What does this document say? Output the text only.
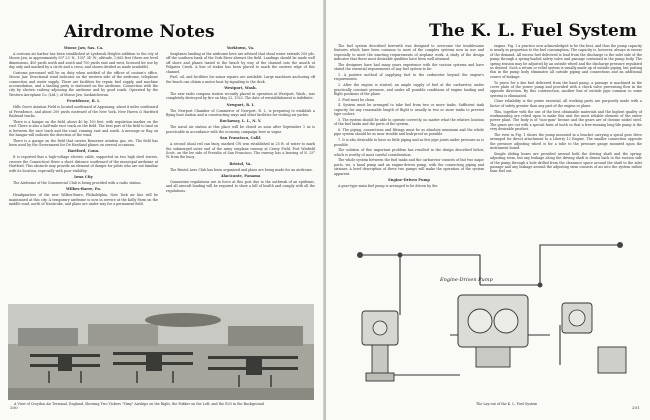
Airdrome Notes
Moose Jaw, Sas. Ca.

A customs air harbor has been established at Lynbrook Heights addition to the city of Moose Jaw, in approximately 50° 23' N., 105° 34' W.; altitude, 1,865 feet (there are level dimensions, 400 yards north and south and 700 yards east and west, licensed for use by day only and marked by a circle and a cross, and shown divided as made available).

Customs personnel will be on duty when notified of the officer of custom's office, Moose Jaw. Directional wind indicator on the western side of the airdrome, telephone connection and water supply. There are facilities for repair, fuel supply, and machine accomodation, and a landing party is stationed on the airdrome. Connection with the city by electric railway adjoining the airdrome and by good roads. Operated by the Western Aeroplane Co. (Ltd.), of Moose Jaw, Saskatchewan.

Providence, R. I.

Hills Grove Aviation Field is located northward of Apponaug, about 8 miles southward of Providence, and about 200 yards eastward of the New York, New Haven & Hartford Railroad tracks.

There is a hangar on the field, about 40 by 150 feet, with regulation marker on the roof. There is also a half-mile race track on the field. The best part of the field to land on is between the race track and the road, running east and south. A message or flag on the hangar will indicate the direction of the wind.

There is a garage on the field that carries Benzener aviation gas, etc. The field has been used by the Government for De Haviland planes on several occasions.

Hartford, Conn.

It is reported that a high-voltage electric cable, supported on two high steel towers, crosses the Connecticut River a short distance southward of the municipal airdrome at Hartford. This obstacle may provide an element of danger for pilots who are not familiar with its location, especially with poor visibility.

Iowa City

The Airdrome of the Commercial Club is being provided with a radio station.

Wilkes-Barre, Pa.

Headquarters of the new Wilkes-Barre, Philadelphia, New York air line will be maintained at this city. A temporary airdrome is now in service at the Kelly Farm on the middle road, north of Nanticoke, and plans are under way for a permanent field.

Yorktown, Va.

Seaplanes landing at the airdrome here are advised that shoal water extends 200 yds. off the southern bank of the York River abreast the field. Landings should be made well off shore and planes taxied to the beach by way of the channel into the mouth of Felgates Creek. A line of stakes has been placed to mark the eastern edge of this channel.

Fuel, oil, and facilities for minor repairs are available. Large machines anchoring off the beach can obtain a motor boat by signaling to the dock.

Westport, Wash.

The new radio compass station recently placed in operation at Westport, Wash., was completely destroyed by fire on May 22, 1922. The date of reestablishment is indefinite.

Newport, R. I.

The Newport Chamber of Commerce of Newport, R. I., is preparing to establish a flying boat station and is constructing ways and other facilities for visiting air yachts.

Rockaway, L. I., N. Y.

The naval air station at this place will be closed as soon after September 1 as is practicable in accordance with the economy campaign here in vogue.

San Francisco, Calif.

A second shoal red can buoy, marked CW was established in 25 ft. of water to mark the submerged outer end of the army seaplane runway at Crissy Field, Fort Winfield Scott, on the lee side of Presidio of San Francisco. The runway has a bearing of N. 25° W. from the buoy.

Bristol, Va.

The Bristol Aero Club has been organized and plans are being made for an airdrome.

Alacicante, Panama

Quarantine regulations are in force at this port due to the outbreak of an epidemic, and all aircraft landing will be required to show a bill of health and comply with all the regulations.

A View of Croydon Air Terminal, England, Showing Two Vickers "Vimy" Airships on the Right, the Fokker on the Left, and the R33 in the Background
200
The K. L. Fuel System

The fuel system described herewith was designed to overcome the troublesome features which have been common to most of the complex systems now in use and especially to meet the exacting requirements of airplane work. A study of the design indicates that these most desirable qualities have been well attained.

The designers have had many years experience with the various systems and have stated the essential requirements of any fuel system to be:

1. A positive method of supplying fuel to the carburetor beyond the engine's requirements.

2. After the engine is started, an ample supply of fuel at the carburetor, under practically constant pressure, and under all possible conditions of engine loading and flight positions of the plane.

3. Fuel must be clean.

4. System must be arranged to take fuel from two or more tanks. Sufficient tank capacity for any reasonable length of flight is usually in two or more tanks to prevent type coolers.

5. The system should be able to operate correctly, no matter what the relative location of the fuel tanks and the parts of the system.

6. The piping, connections and fittings must be as absolute minimum and the whole pipe system should be as near trouble and leak-proof as possible.

7. It is also desirable to have as little piping and as few pipe joints under pressure as is possible.

The solution of this important problem has resulted in the design described below, which is worthy of most careful consideration.

The whole system between the fuel tanks and the carburetor consists of but two major parts, viz. a hand pump and an engine-driven pump, with the connecting piping and strainer. A brief description of these two pumps will make the operation of the system apparent.

Engine-Driven Pump

A gear-type main fuel pump is arranged to be driven by the

engine. Fig. 1 a practice now acknowledged to be the best, and thus the pump capacity is nearly in proportion to the fuel consumption. The capacity is, however, always in excess of the demand. All excess fuel delivered is lead from the discharge to the inlet side of the pump through a spring-loaded safety valve and passage contained in the pump body. The spring tension may be adjusted by an outside wheel and the discharge pressure regulated as desired. Such a return or relief system is usually made up of outside piping, but putting this in the pump body eliminates all outside piping and connections and an additional source of leakage.

To prove for a dee fuel delivered from the hand pump, a passage is machined in the cover plate of the power pump and provided with a check valve preventing flow in the opposite direction. By this construction, another line of outside pipe common to some systems is eliminated.

Close reliability is the prime essential, all working parts are purposely made with a factor of safety greater than any part of the engine or plane.

This, together with the use of the best obtainable materials and the highest quality of workmanship are relied upon to make this unit the most reliable element of the entire power plant. The body is of "non-gum" bronze and the gears are of chrome nickel steel. The gears are cut with a special form of tooth so that a free-running long-life pump is the very desirable product.

The view in Fig. 1 shows the pump mounted in a bracket carrying a spiral gear drive arranged for direct attachment to a Liberty 12 Engine. The smaller connection opposite the pressure adjusting wheel is for a tube to the pressure gauge mounted upon the instrument board.

Simple sliding boxes are provided around both the driving shaft and the spring-adjusting stem, but any leakage along the driving shaft is drawn back to the suction side of the pump through a hole drilled from the clearance space around the shaft to the inlet passage and any leakage around the adjusting stem consists of air into the system rather than fuel out.

Engine-Driven Pump
The Lay-out of the K. L. Fuel System
201
